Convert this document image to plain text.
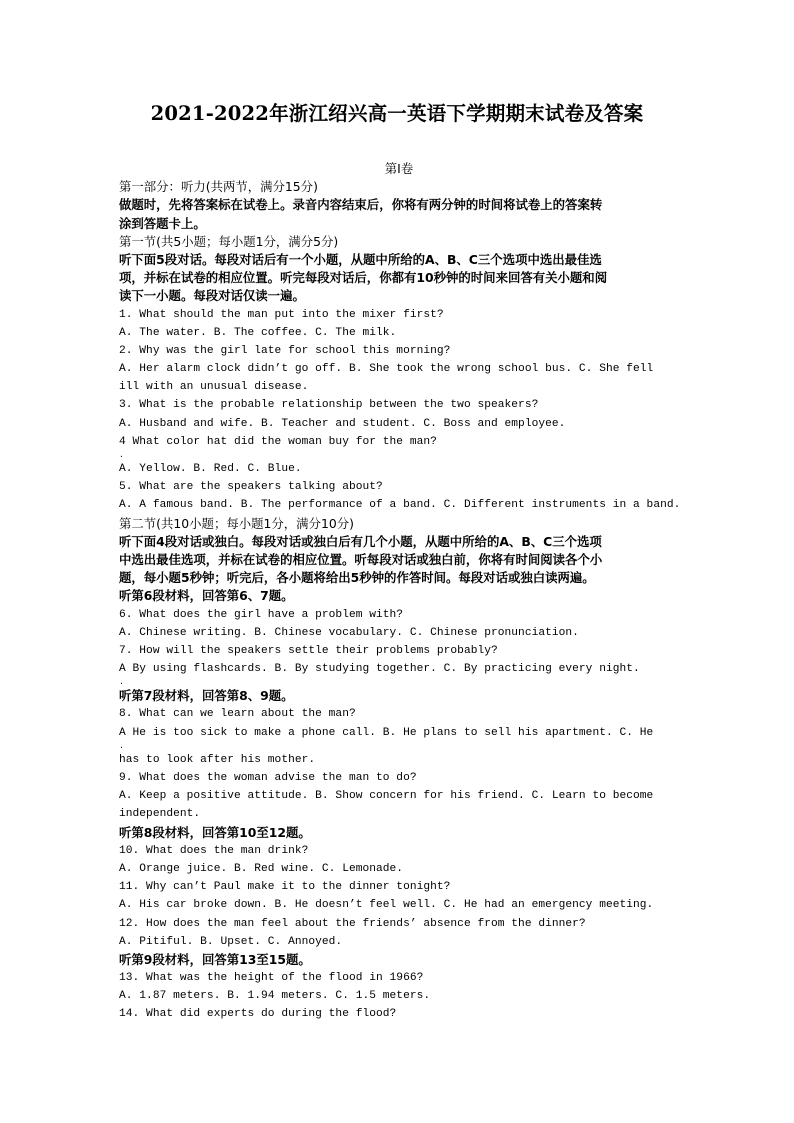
2021-2022年浙江绍兴高一英语下学期期末试卷及答案
第Ⅰ卷
第一部分：听力(共两节，满分15分)
做题时，先将答案标在试卷上。录音内容结束后，你将有两分钟的时间将试卷上的答案转
涂到答题卡上。
第一节(共5小题；每小题1分，满分5分)
听下面5段对话。每段对话后有一个小题，从题中所给的A、B、C三个选项中选出最佳选
项，并标在试卷的相应位置。听完每段对话后，你都有10秒钟的时间来回答有关小题和阅
读下一小题。每段对话仅读一遍。
1. What should the man put into the mixer first?
A. The water. B. The coffee. C. The milk.
2. Why was the girl late for school this morning?
A. Her alarm clock didn’t go off. B. She took the wrong school bus. C. She fell
ill with an unusual disease.
3. What is the probable relationship between the two speakers?
A. Husband and wife. B. Teacher and student. C. Boss and employee.
4 What color hat did the woman buy for the man?
.
A. Yellow. B. Red. C. Blue.
5. What are the speakers talking about?
A. A famous band. B. The performance of a band. C. Different instruments in a band.
第二节(共10小题；每小题1分，满分10分)
听下面4段对话或独白。每段对话或独白后有几个小题，从题中所给的A、B、C三个选项
中选出最佳选项，并标在试卷的相应位置。听每段对话或独白前，你将有时间阅读各个小
题，每小题5秒钟；听完后，各小题将给出5秒钟的作答时间。每段对话或独白读两遍。
听第6段材料，回答第6、7题。
6. What does the girl have a problem with?
A. Chinese writing. B. Chinese vocabulary. C. Chinese pronunciation.
7. How will the speakers settle their problems probably?
A By using flashcards. B. By studying together. C. By practicing every night.
.
听第7段材料，回答第8、9题。
8. What can we learn about the man?
A He is too sick to make a phone call. B. He plans to sell his apartment. C. He
.
has to look after his mother.
9. What does the woman advise the man to do?
A. Keep a positive attitude. B. Show concern for his friend. C. Learn to become
independent.
听第8段材料，回答第10至12题。
10. What does the man drink?
A. Orange juice. B. Red wine. C. Lemonade.
11. Why can’t Paul make it to the dinner tonight?
A. His car broke down. B. He doesn’t feel well. C. He had an emergency meeting.
12. How does the man feel about the friends’ absence from the dinner?
A. Pitiful. B. Upset. C. Annoyed.
听第9段材料，回答第13至15题。
13. What was the height of the flood in 1966?
A. 1.87 meters. B. 1.94 meters. C. 1.5 meters.
14. What did experts do during the flood?
